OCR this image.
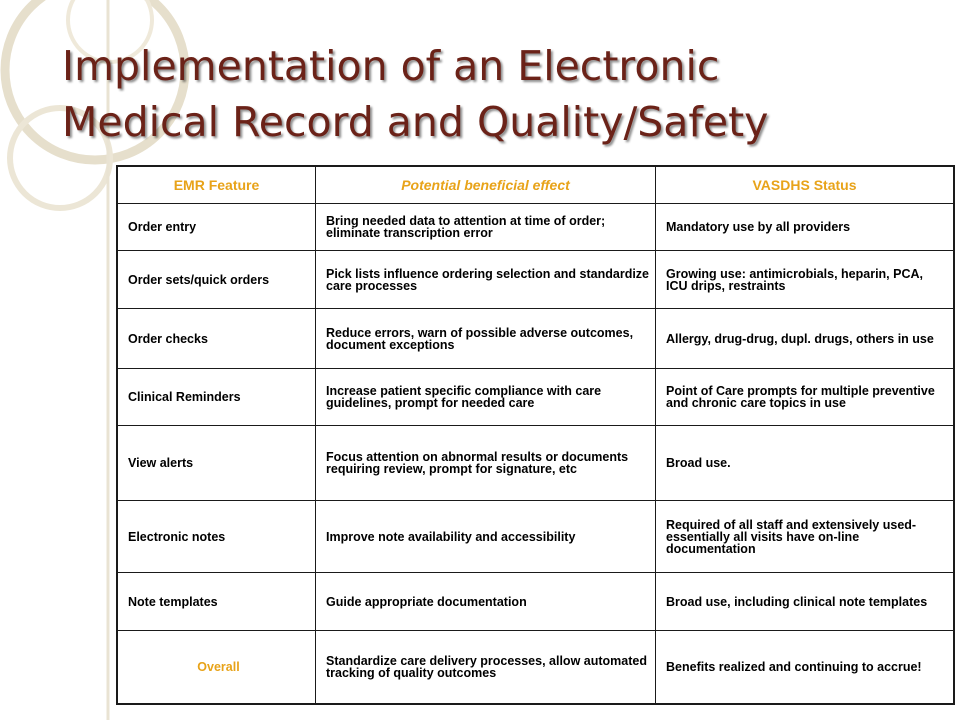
Implementation of an Electronic
Medical Record and Quality/Safety
EMR Feature	Potential beneficial effect	VASDHS Status
Order entry	Bring needed data to attention at time of order; eliminate transcription error	Mandatory use by all providers
Order sets/quick orders	Pick lists influence ordering selection and standardize care processes	Growing use: antimicrobials, heparin, PCA, ICU drips, restraints
Order checks	Reduce errors, warn of possible adverse outcomes, document exceptions	Allergy, drug-drug, dupl. drugs, others in use
Clinical Reminders	Increase patient specific compliance with care guidelines, prompt for needed care	Point of Care prompts for multiple preventive and chronic care topics in use
View alerts	Focus attention on abnormal results or documents requiring review, prompt for signature, etc	Broad use.
Electronic notes	Improve note availability and accessibility	Required of all staff and extensively used-essentially all visits have on-line documentation
Note templates	Guide appropriate documentation	Broad use, including clinical note templates
Overall	Standardize care delivery processes, allow automated tracking of quality outcomes	Benefits realized and continuing to accrue!
